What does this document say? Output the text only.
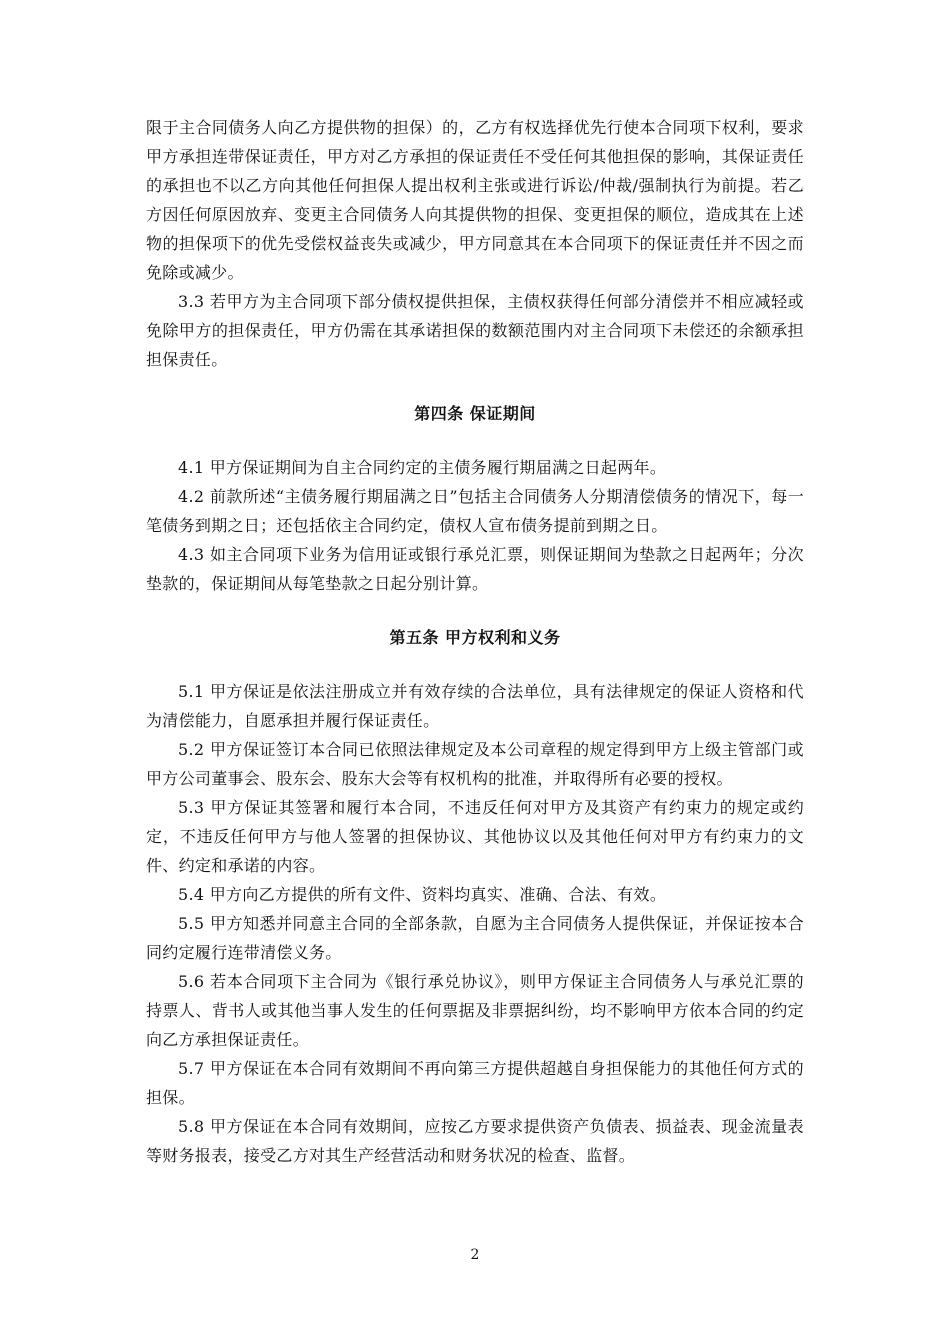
限于主合同债务人向乙方提供物的担保）的，乙方有权选择优先行使本合同项下权利，要求甲方承担连带保证责任，甲方对乙方承担的保证责任不受任何其他担保的影响，其保证责任的承担也不以乙方向其他任何担保人提出权利主张或进行诉讼/仲裁/强制执行为前提。若乙方因任何原因放弃、变更主合同债务人向其提供物的担保、变更担保的顺位，造成其在上述物的担保项下的优先受偿权益丧失或减少，甲方同意其在本合同项下的保证责任并不因之而免除或减少。

3.3 若甲方为主合同项下部分债权提供担保，主债权获得任何部分清偿并不相应减轻或免除甲方的担保责任，甲方仍需在其承诺担保的数额范围内对主合同项下未偿还的余额承担担保责任。

第四条 保证期间

4.1 甲方保证期间为自主合同约定的主债务履行期届满之日起两年。

4.2 前款所述“主债务履行期届满之日”包括主合同债务人分期清偿债务的情况下，每一笔债务到期之日；还包括依主合同约定，债权人宣布债务提前到期之日。

4.3 如主合同项下业务为信用证或银行承兑汇票，则保证期间为垫款之日起两年；分次垫款的，保证期间从每笔垫款之日起分别计算。

第五条 甲方权利和义务

5.1 甲方保证是依法注册成立并有效存续的合法单位，具有法律规定的保证人资格和代为清偿能力，自愿承担并履行保证责任。

5.2 甲方保证签订本合同已依照法律规定及本公司章程的规定得到甲方上级主管部门或甲方公司董事会、股东会、股东大会等有权机构的批准，并取得所有必要的授权。

5.3 甲方保证其签署和履行本合同，不违反任何对甲方及其资产有约束力的规定或约定，不违反任何甲方与他人签署的担保协议、其他协议以及其他任何对甲方有约束力的文件、约定和承诺的内容。

5.4 甲方向乙方提供的所有文件、资料均真实、准确、合法、有效。

5.5 甲方知悉并同意主合同的全部条款，自愿为主合同债务人提供保证，并保证按本合同约定履行连带清偿义务。

5.6 若本合同项下主合同为《银行承兑协议》，则甲方保证主合同债务人与承兑汇票的持票人、背书人或其他当事人发生的任何票据及非票据纠纷，均不影响甲方依本合同的约定向乙方承担保证责任。

5.7 甲方保证在本合同有效期间不再向第三方提供超越自身担保能力的其他任何方式的担保。

5.8 甲方保证在本合同有效期间，应按乙方要求提供资产负债表、损益表、现金流量表等财务报表，接受乙方对其生产经营活动和财务状况的检查、监督。

2
